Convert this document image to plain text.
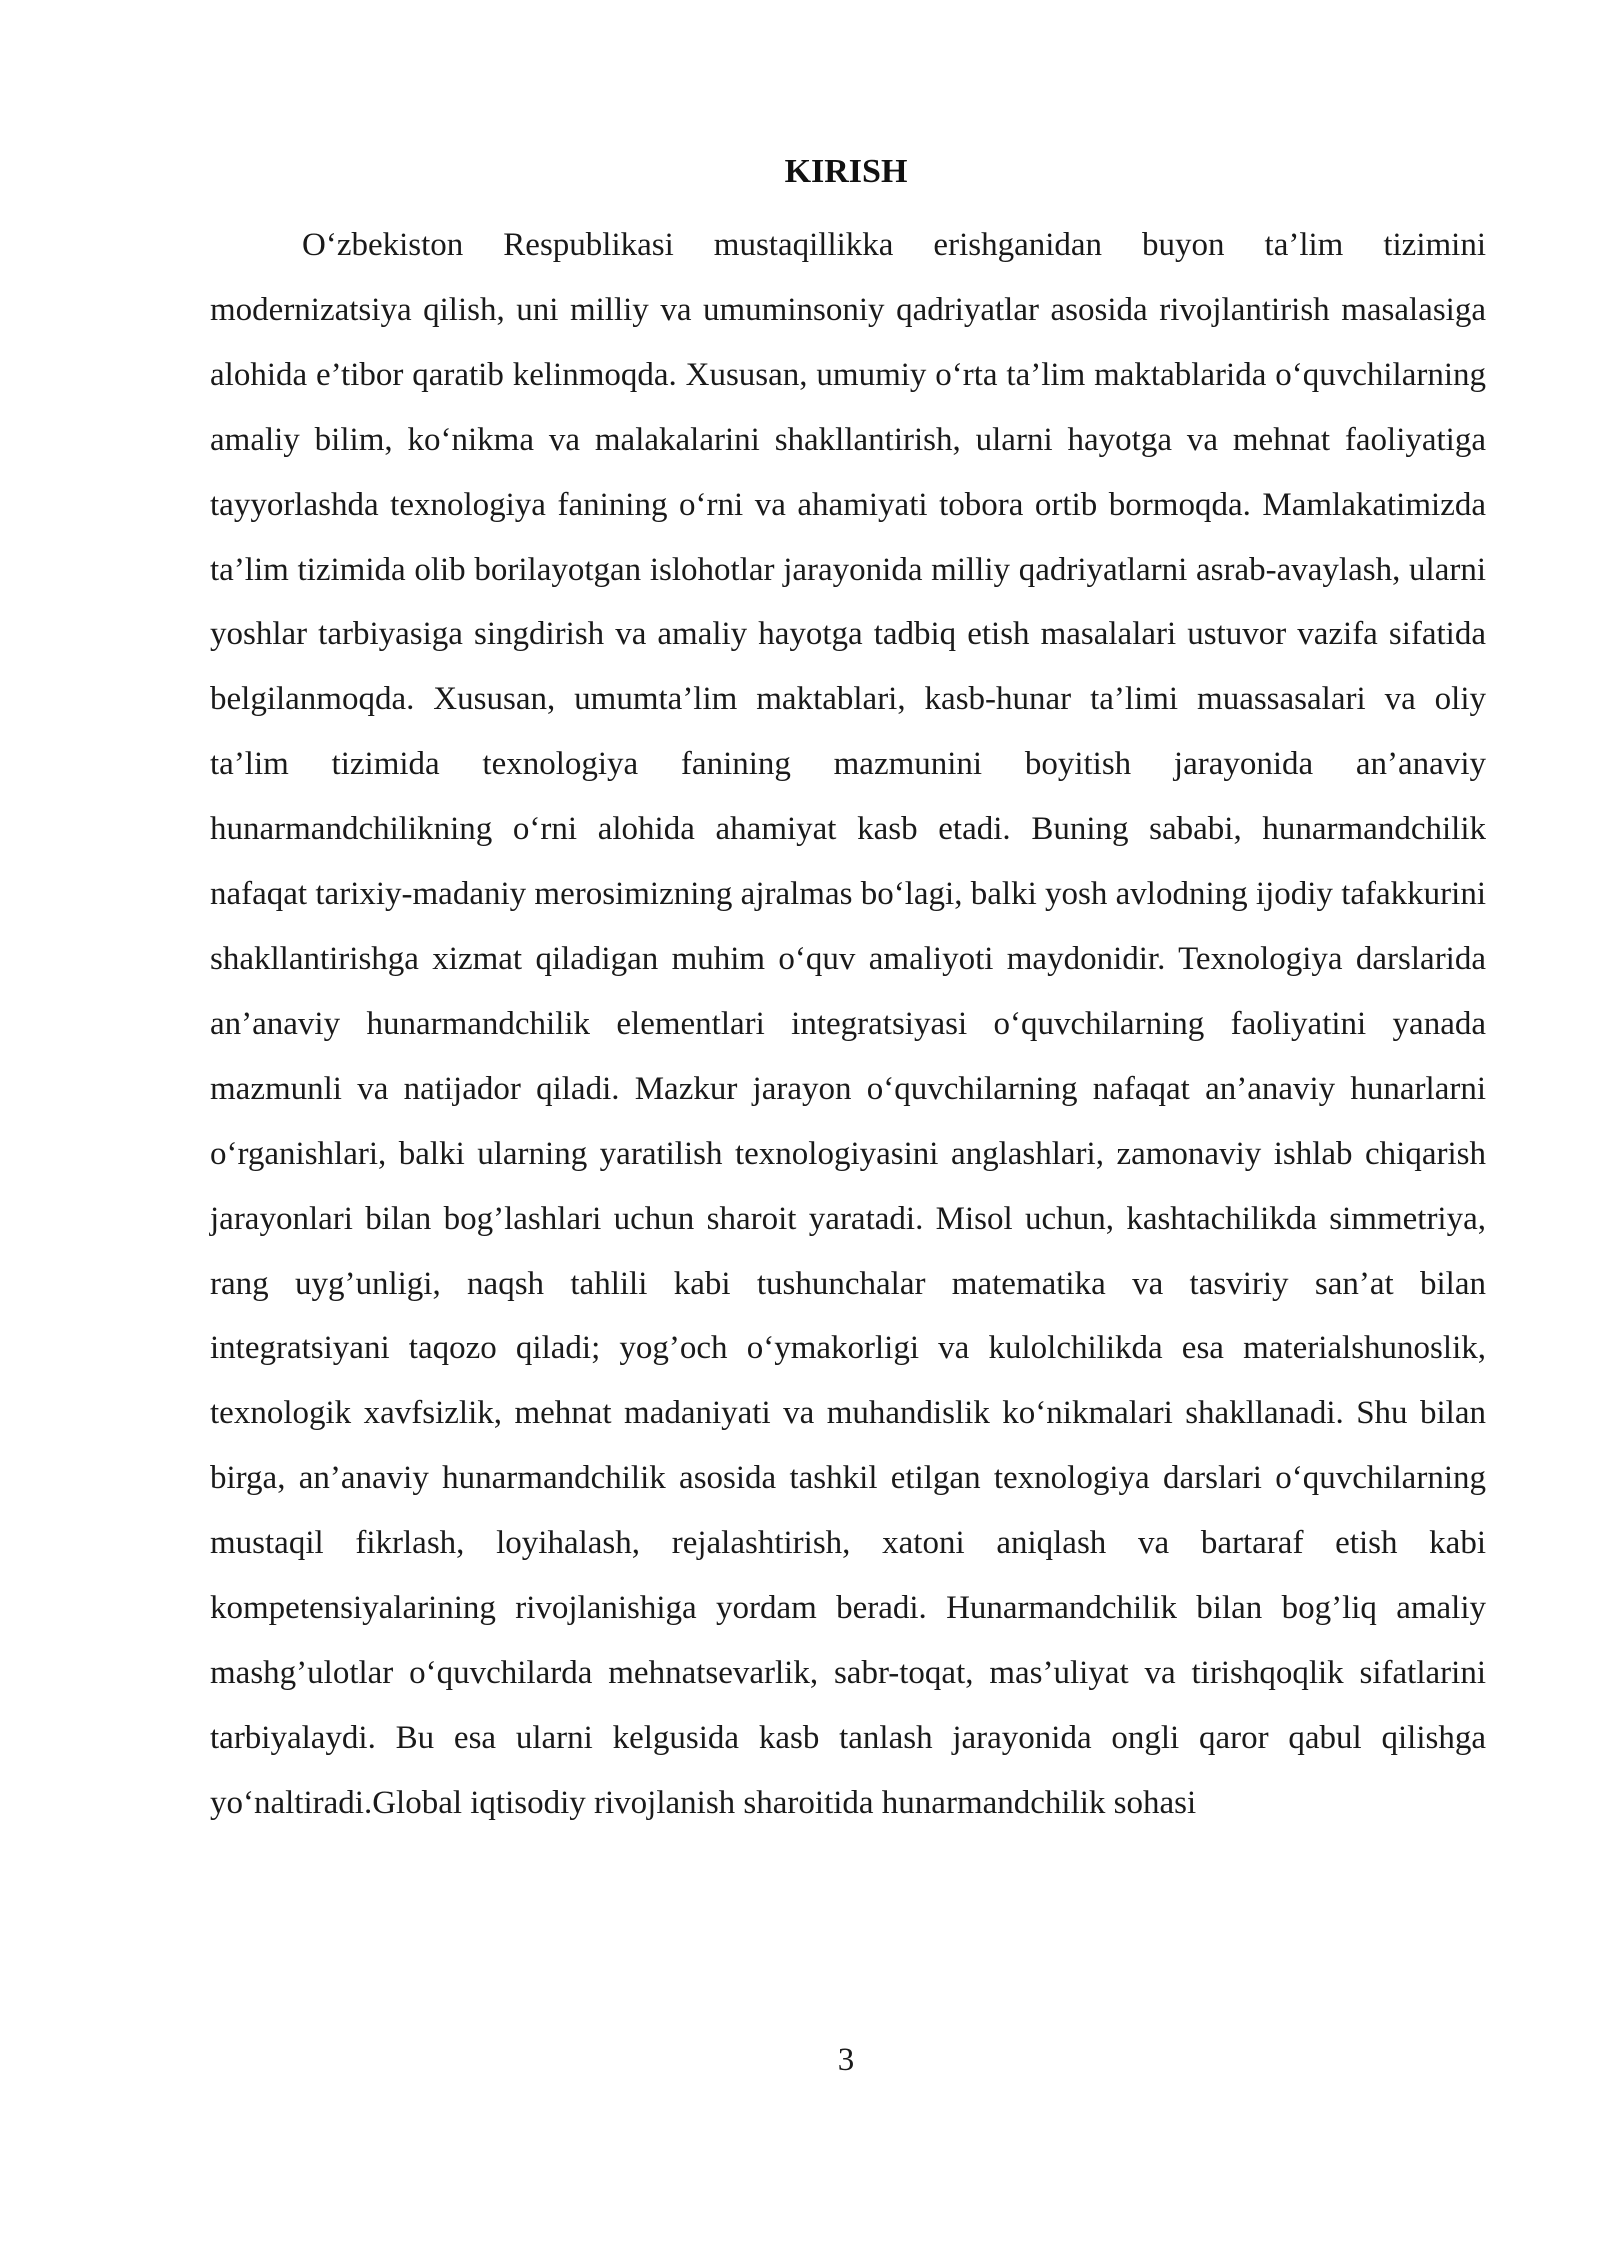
KIRISH

O‘zbekiston Respublikasi mustaqillikka erishganidan buyon ta’lim tizimini modernizatsiya qilish, uni milliy va umuminsoniy qadriyatlar asosida rivojlantirish masalasiga alohida e’tibor qaratib kelinmoqda. Xususan, umumiy o‘rta ta’lim maktablarida o‘quvchilarning amaliy bilim, ko‘nikma va malakalarini shakllantirish, ularni hayotga va mehnat faoliyatiga tayyorlashda texnologiya fanining o‘rni va ahamiyati tobora ortib bormoqda. Mamlakatimizda ta’lim tizimida olib borilayotgan islohotlar jarayonida milliy qadriyatlarni asrab-avaylash, ularni yoshlar tarbiyasiga singdirish va amaliy hayotga tadbiq etish masalalari ustuvor vazifa sifatida belgilanmoqda. Xususan, umumta’lim maktablari, kasb-hunar ta’limi muassasalari va oliy ta’lim tizimida texnologiya fanining mazmunini boyitish jarayonida an’anaviy hunarmandchilikning o‘rni alohida ahamiyat kasb etadi. Buning sababi, hunarmandchilik nafaqat tarixiy-madaniy merosimizning ajralmas bo‘lagi, balki yosh avlodning ijodiy tafakkurini shakllantirishga xizmat qiladigan muhim o‘quv amaliyoti maydonidir. Texnologiya darslarida an’anaviy hunarmandchilik elementlari integratsiyasi o‘quvchilarning faoliyatini yanada mazmunli va natijador qiladi. Mazkur jarayon o‘quvchilarning nafaqat an’anaviy hunarlarni o‘rganishlari, balki ularning yaratilish texnologiyasini anglashlari, zamonaviy ishlab chiqarish jarayonlari bilan bog’lashlari uchun sharoit yaratadi. Misol uchun, kashtachilikda simmetriya, rang uyg’unligi, naqsh tahlili kabi tushunchalar matematika va tasviriy san’at bilan integratsiyani taqozo qiladi; yog’och o‘ymakorligi va kulolchilikda esa materialshunoslik, texnologik xavfsizlik, mehnat madaniyati va muhandislik ko‘nikmalari shakllanadi. Shu bilan birga, an’anaviy hunarmandchilik asosida tashkil etilgan texnologiya darslari o‘quvchilarning mustaqil fikrlash, loyihalash, rejalashtirish, xatoni aniqlash va bartaraf etish kabi kompetensiyalarining rivojlanishiga yordam beradi. Hunarmandchilik bilan bog’liq amaliy mashg’ulotlar o‘quvchilarda mehnatsevarlik, sabr-toqat, mas’uliyat va tirishqoqlik sifatlarini tarbiyalaydi. Bu esa ularni kelgusida kasb tanlash jarayonida ongli qaror qabul qilishga yo‘naltiradi.Global iqtisodiy rivojlanish sharoitida hunarmandchilik sohasi

3
